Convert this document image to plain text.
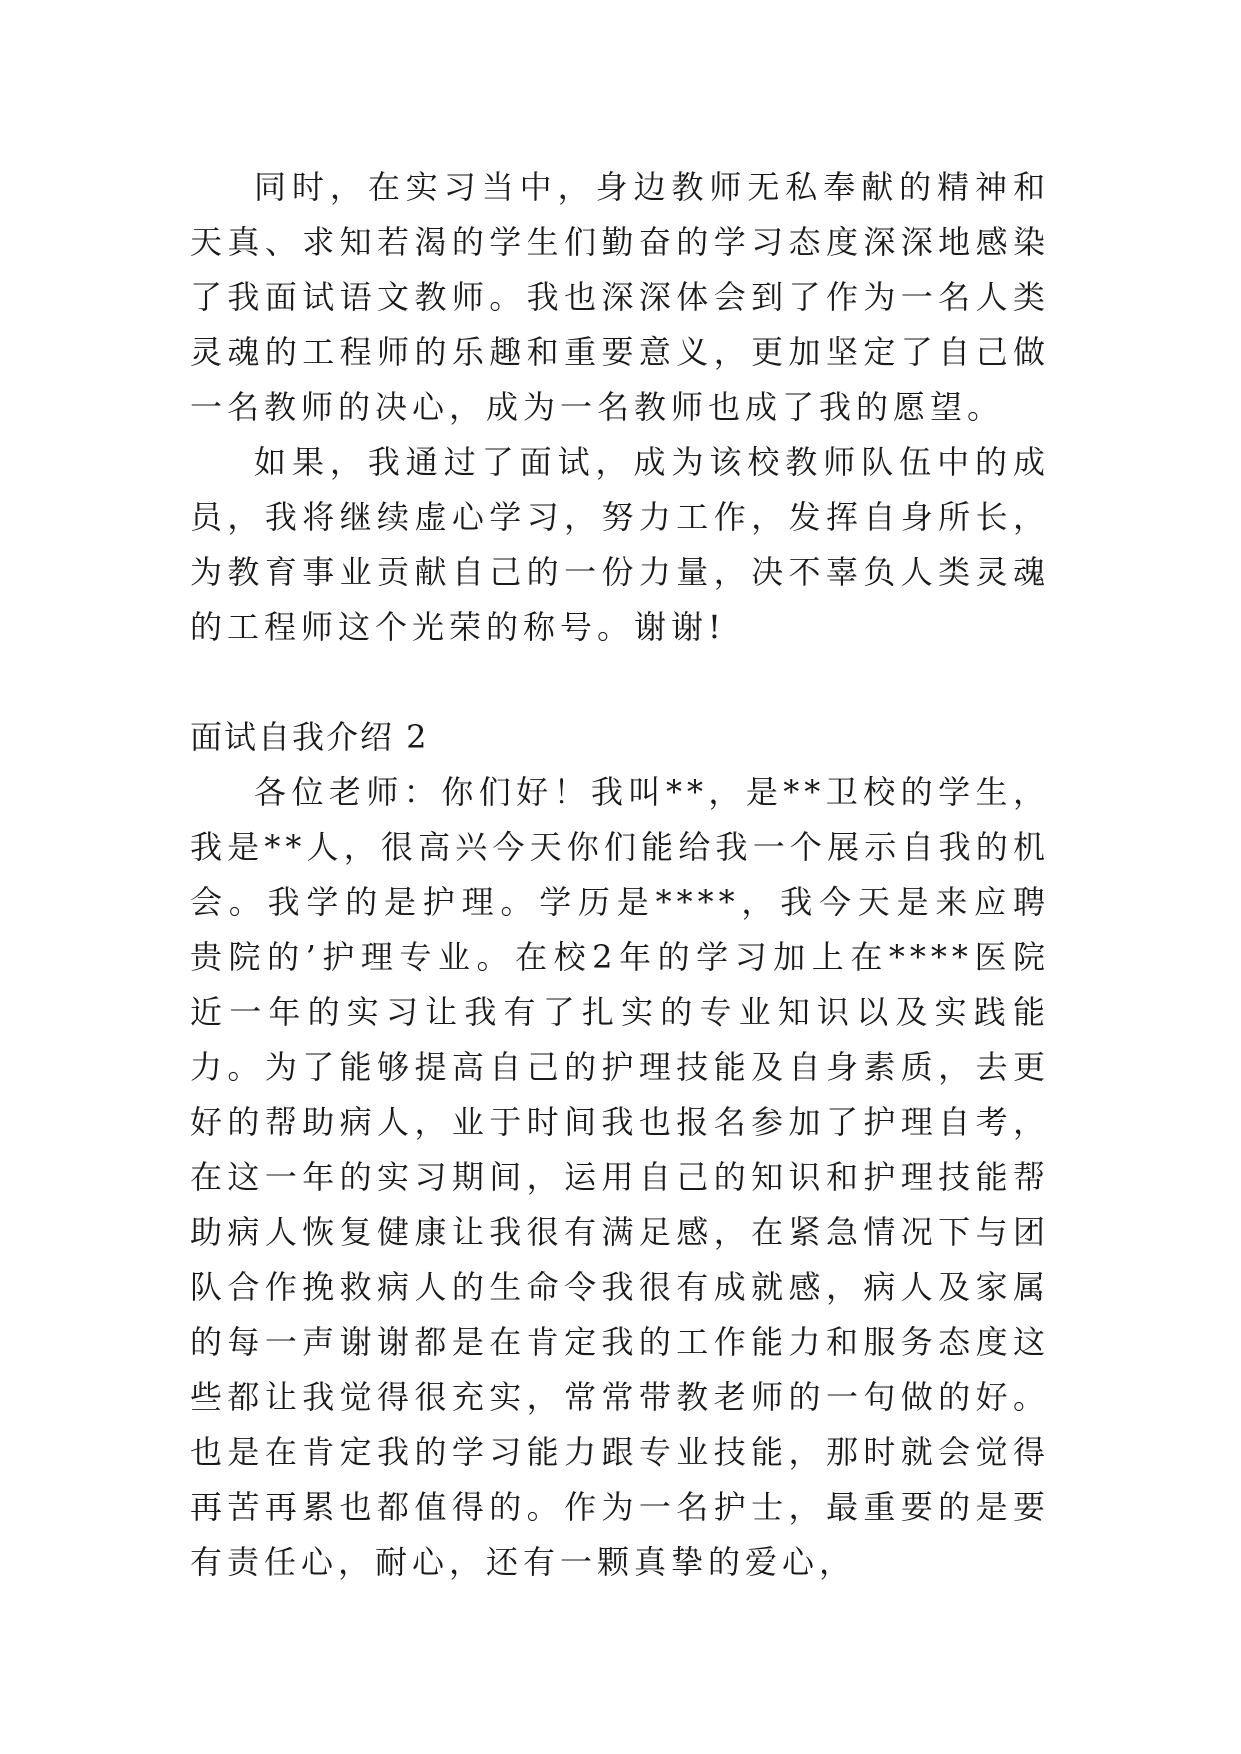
同时，在实习当中，身边教师无私奉献的精神和天真、求知若渴的学生们勤奋的学习态度深深地感染了我面试语文教师。我也深深体会到了作为一名人类灵魂的工程师的乐趣和重要意义，更加坚定了自己做一名教师的决心，成为一名教师也成了我的愿望。

如果，我通过了面试，成为该校教师队伍中的成员，我将继续虚心学习，努力工作，发挥自身所长，为教育事业贡献自己的一份力量，决不辜负人类灵魂的工程师这个光荣的称号。谢谢!

面试自我介绍 2

各位老师：你们好！我叫**，是**卫校的学生，我是**人，很高兴今天你们能给我一个展示自我的机会。我学的是护理。学历是****，我今天是来应聘贵院的’护理专业。在校2年的学习加上在****医院近一年的实习让我有了扎实的专业知识以及实践能力。为了能够提高自己的护理技能及自身素质，去更好的帮助病人，业于时间我也报名参加了护理自考，在这一年的实习期间，运用自己的知识和护理技能帮助病人恢复健康让我很有满足感，在紧急情况下与团队合作挽救病人的生命令我很有成就感，病人及家属的每一声谢谢都是在肯定我的工作能力和服务态度这些都让我觉得很充实，常常带教老师的一句做的好。也是在肯定我的学习能力跟专业技能，那时就会觉得再苦再累也都值得的。作为一名护士，最重要的是要有责任心，耐心，还有一颗真挚的爱心，
